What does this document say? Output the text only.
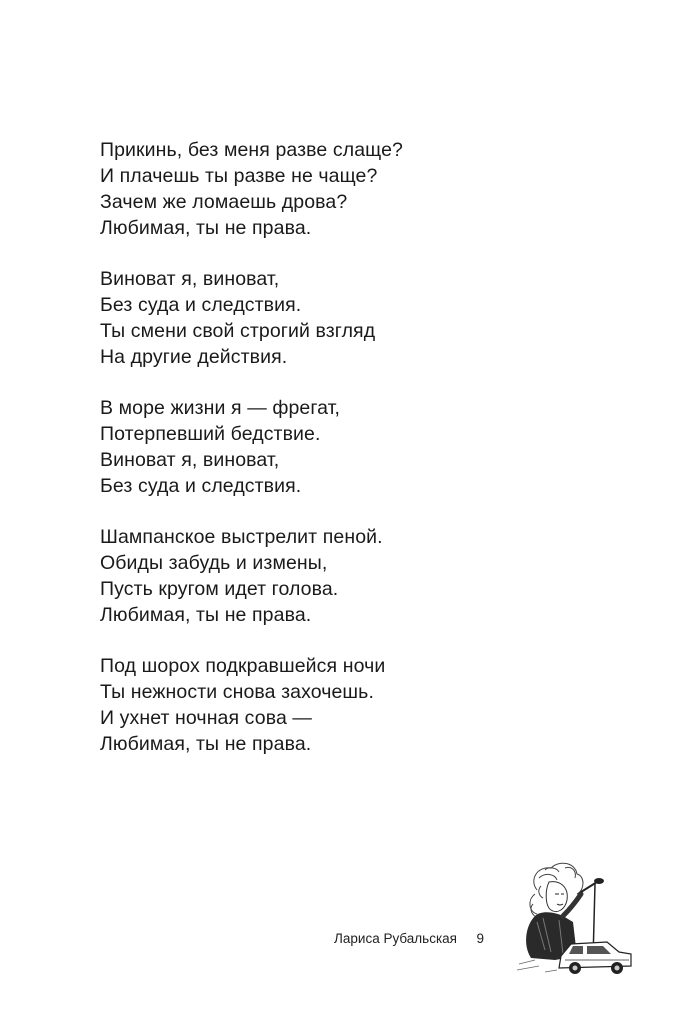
Прикинь, без меня разве слаще?
И плачешь ты разве не чаще?
Зачем же ломаешь дрова?
Любимая, ты не права.
Виноват я, виноват,
Без суда и следствия.
Ты смени свой строгий взгляд
На другие действия.
В море жизни я — фрегат,
Потерпевший бедствие.
Виноват я, виноват,
Без суда и следствия.
Шампанское выстрелит пеной.
Обиды забудь и измены,
Пусть кругом идет голова.
Любимая, ты не права.
Под шорох подкравшейся ночи
Ты нежности снова захочешь.
И ухнет ночная сова —
Любимая, ты не права.
Лариса Рубальская 9
